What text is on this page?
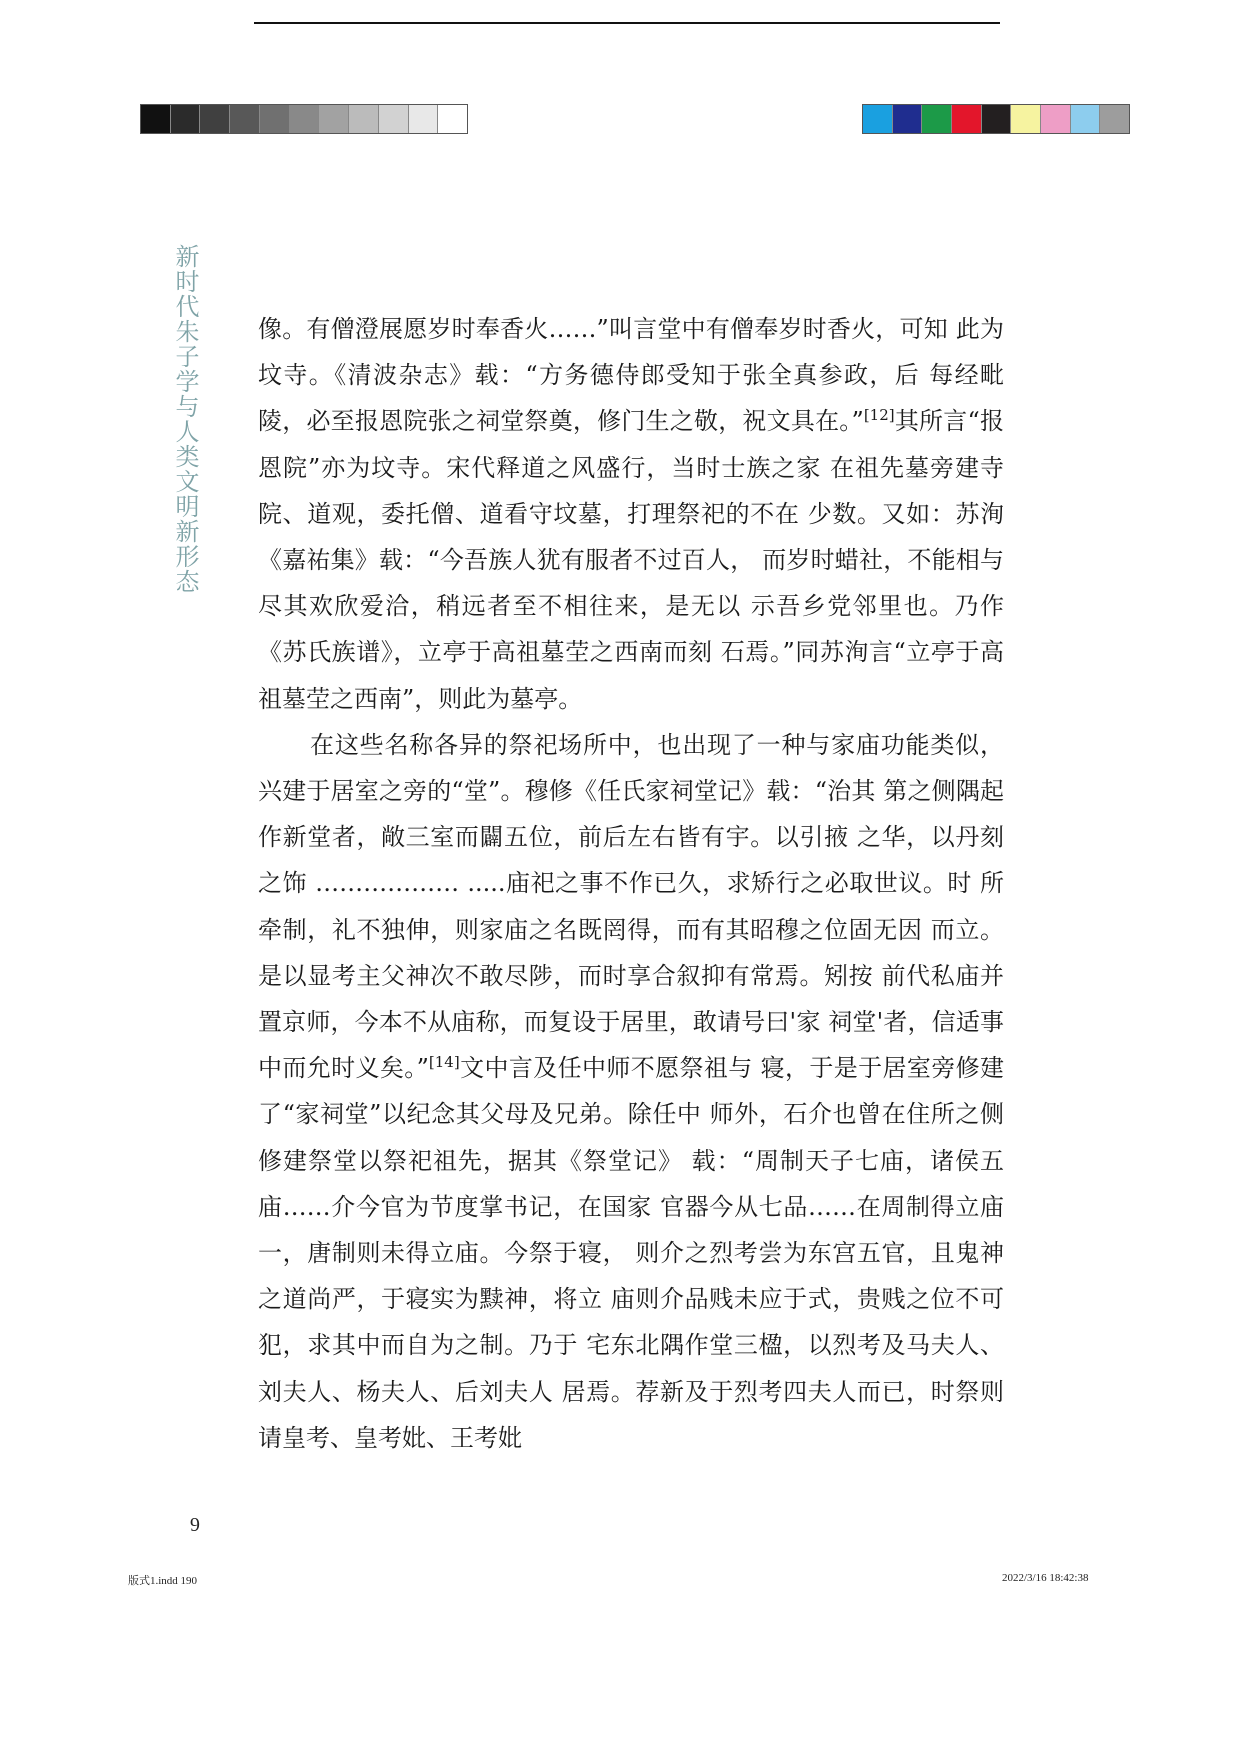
新时代朱子学与人类文明新形态 像。有僧澄展愿岁时奉香火……”叫言堂中有僧奉岁时香火，可知 此为坟寺。《清波杂志》载：“方务德侍郎受知于张全真参政，后 每经毗陵，必至报恩院张之祠堂祭奠，修门生之敬，祝文具在。”[12]其所言“报恩院”亦为坟寺。宋代释道之风盛行，当时士族之家 在祖先墓旁建寺院、道观，委托僧、道看守坟墓，打理祭祀的不在 少数。又如：苏洵《嘉祐集》载：“今吾族人犹有服者不过百人， 而岁时蜡社，不能相与尽其欢欣爱洽，稍远者至不相往来，是无以 示吾乡党邻里也。乃作《苏氏族谱》，立亭于高祖墓茔之西南而刻 石焉。”同苏洵言“立亭于高祖墓茔之西南”，则此为墓亭。

在这些名称各异的祭祀场所中，也出现了一种与家庙功能类似，兴建于居室之旁的“堂”。穆修《任氏家祠堂记》载：“治其 第之侧隅起作新堂者，敞三室而闢五位，前后左右皆有宇。以引掖 之华，以丹刻之饰 ……………… .....庙祀之事不作已久，求矫行之必取世议。时 所牵制，礼不独伸，则家庙之名既罔得，而有其昭穆之位固无因 而立。是以显考主父神次不敢尽陟，而时享合叙抑有常焉。矧按 前代私庙并置京师，今本不从庙称，而复设于居里，敢请号曰'家 祠堂'者，信适事中而允时义矣。”[14]文中言及任中师不愿祭祖与 寝，于是于居室旁修建了“家祠堂”以纪念其父母及兄弟。除任中 师外，石介也曾在住所之侧修建祭堂以祭祀祖先，据其《祭堂记》 载：“周制天子七庙，诸侯五庙……介今官为节度掌书记，在国家 官器今从七品……在周制得立庙一，唐制则未得立庙。今祭于寝， 则介之烈考尝为东宫五官，且鬼神之道尚严，于寝实为黩神，将立 庙则介品贱未应于式，贵贱之位不可犯，求其中而自为之制。乃于 宅东北隅作堂三楹，以烈考及马夫人、刘夫人、杨夫人、后刘夫人 居焉。荐新及于烈考四夫人而已，时祭则请皇考、皇考妣、王考妣

6
版式1.indd 190	2022/3/16 18:42:38
